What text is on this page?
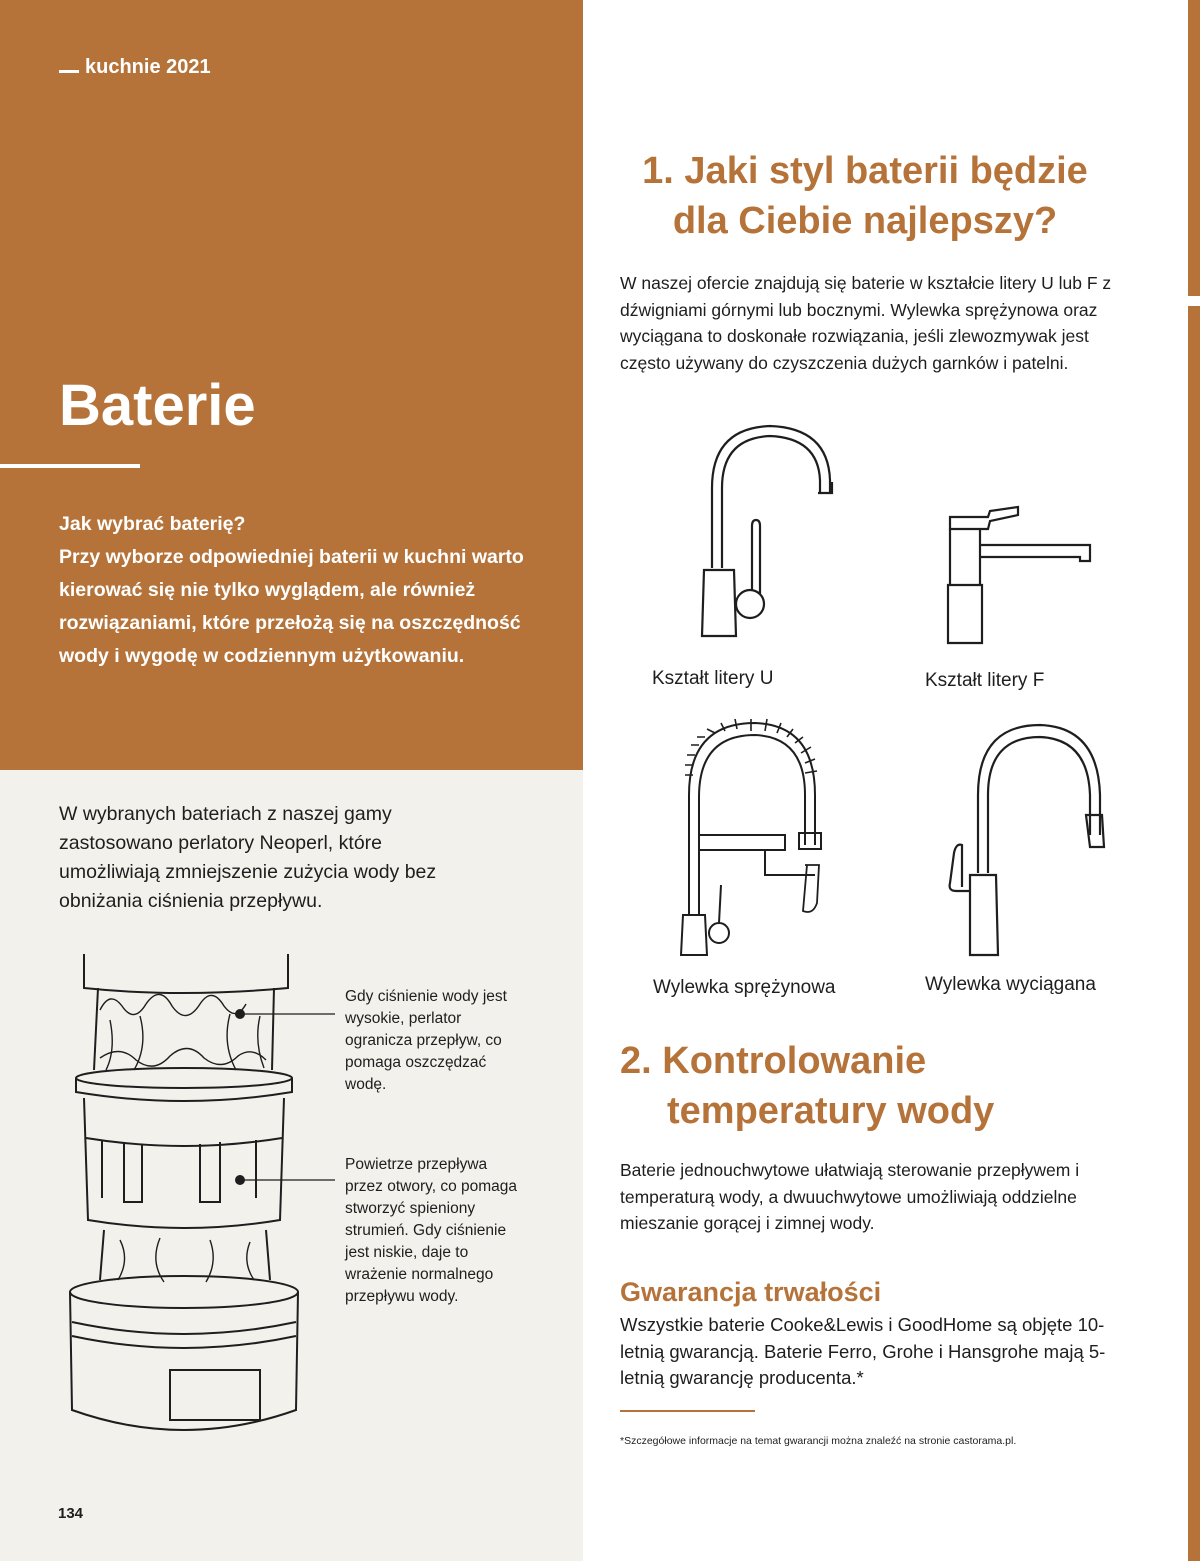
kuchnie 2021
Baterie

Jak wybrać baterię?
Przy wyborze odpowiedniej baterii w kuchni warto kierować się nie tylko wyglądem, ale również rozwiązaniami, które przełożą się na oszczędność wody i wygodę w codziennym użytkowaniu.

W wybranych bateriach z naszej gamy zastosowano perlatory Neoperl, które umożliwiają zmniejszenie zużycia wody bez obniżania ciśnienia przepływu.

Gdy ciśnienie wody jest wysokie, perlator ogranicza przepływ, co pomaga oszczędzać wodę.

Powietrze przepływa przez otwory, co pomaga stworzyć spieniony strumień. Gdy ciśnienie jest niskie, daje to wrażenie normalnego przepływu wody.

1. Jaki styl baterii będzie
dla Ciebie najlepszy?

W naszej ofercie znajdują się baterie w kształcie litery U lub F z dźwigniami górnymi lub bocznymi. Wylewka sprężynowa oraz wyciągana to doskonałe rozwiązania, jeśli zlewozmywak jest często używany do czyszczenia dużych garnków i patelni.

Kształt litery U	Kształt litery F

Wylewka sprężynowa	Wylewka wyciągana

2. Kontrolowanie
temperatury wody

Baterie jednouchwytowe ułatwiają sterowanie przepływem i temperaturą wody, a dwuuchwytowe umożliwiają oddzielne mieszanie gorącej i zimnej wody.

Gwarancja trwałości

Wszystkie baterie Cooke&Lewis i GoodHome są objęte 10-letnią gwarancją. Baterie Ferro, Grohe i Hansgrohe mają 5-letnią gwarancję producenta.*

*Szczegółowe informacje na temat gwarancji można znaleźć na stronie castorama.pl.

134
